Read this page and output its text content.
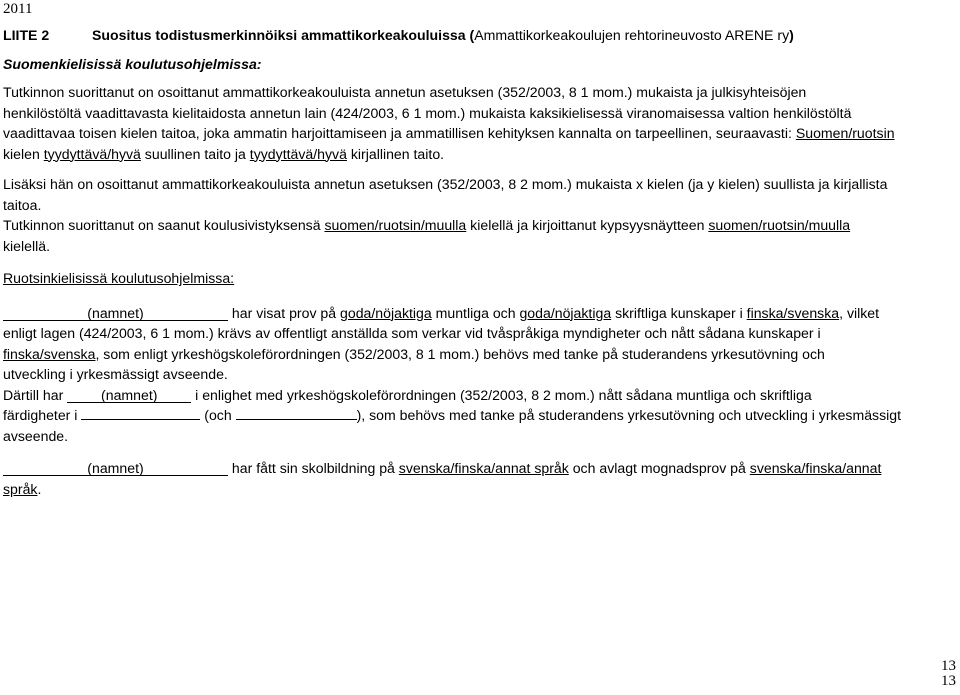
2011
LIITE 2	Suositus todistusmerkinnöiksi ammattikorkeakouluissa (Ammattikorkeakoulujen rehtorineuvosto ARENE ry)
Suomenkielisissä koulutusohjelmissa:
Tutkinnon suorittanut on osoittanut ammattikorkeakouluista annetun asetuksen (352/2003, 8 1 mom.) mukaista ja julkisyhteisöjen
henkilöstöltä vaadittavasta kielitaidosta annetun lain (424/2003, 6 1 mom.) mukaista kaksikielisessä viranomaisessa valtion henkilöstöltä
vaadittavaa toisen kielen taitoa, joka ammatin harjoittamiseen ja ammatillisen kehityksen kannalta on tarpeellinen, seuraavasti: Suomen/ruotsin
kielen tyydyttävä/hyvä suullinen taito ja tyydyttävä/hyvä kirjallinen taito.
Lisäksi hän on osoittanut ammattikorkeakouluista annetun asetuksen (352/2003, 8 2 mom.) mukaista x kielen (ja y kielen) suullista ja kirjallista
taitoa.
Tutkinnon suorittanut on saanut koulusivistyksensä suomen/ruotsin/muulla kielellä ja kirjoittanut kypsyysnäytteen suomen/ruotsin/muulla
kielellä.
Ruotsinkielisissä koulutusohjelmissa:
(namnet)	har visat prov på goda/nöjaktiga muntliga och goda/nöjaktiga skriftliga kunskaper i finska/svenska, vilket
enligt lagen (424/2003, 6 1 mom.) krävs av offentligt anställda som verkar vid tvåspråkiga myndigheter och nått sådana kunskaper i
finska/svenska, som enligt yrkeshögskoleförordningen (352/2003, 8 1 mom.) behövs med tanke på studerandens yrkesutövning och
utveckling i yrkesmässigt avseende.
Därtill har (namnet) i enlighet med yrkeshögskoleförordningen (352/2003, 8 2 mom.) nått sådana muntliga och skriftliga
färdigheter i	(och	), som behövs med tanke på studerandens yrkesutövning och utveckling i yrkesmässigt
avseende.
(namnet)	har fått sin skolbildning på svenska/finska/annat språk och avlagt mognadsprov på svenska/finska/annat
språk.
13
13
